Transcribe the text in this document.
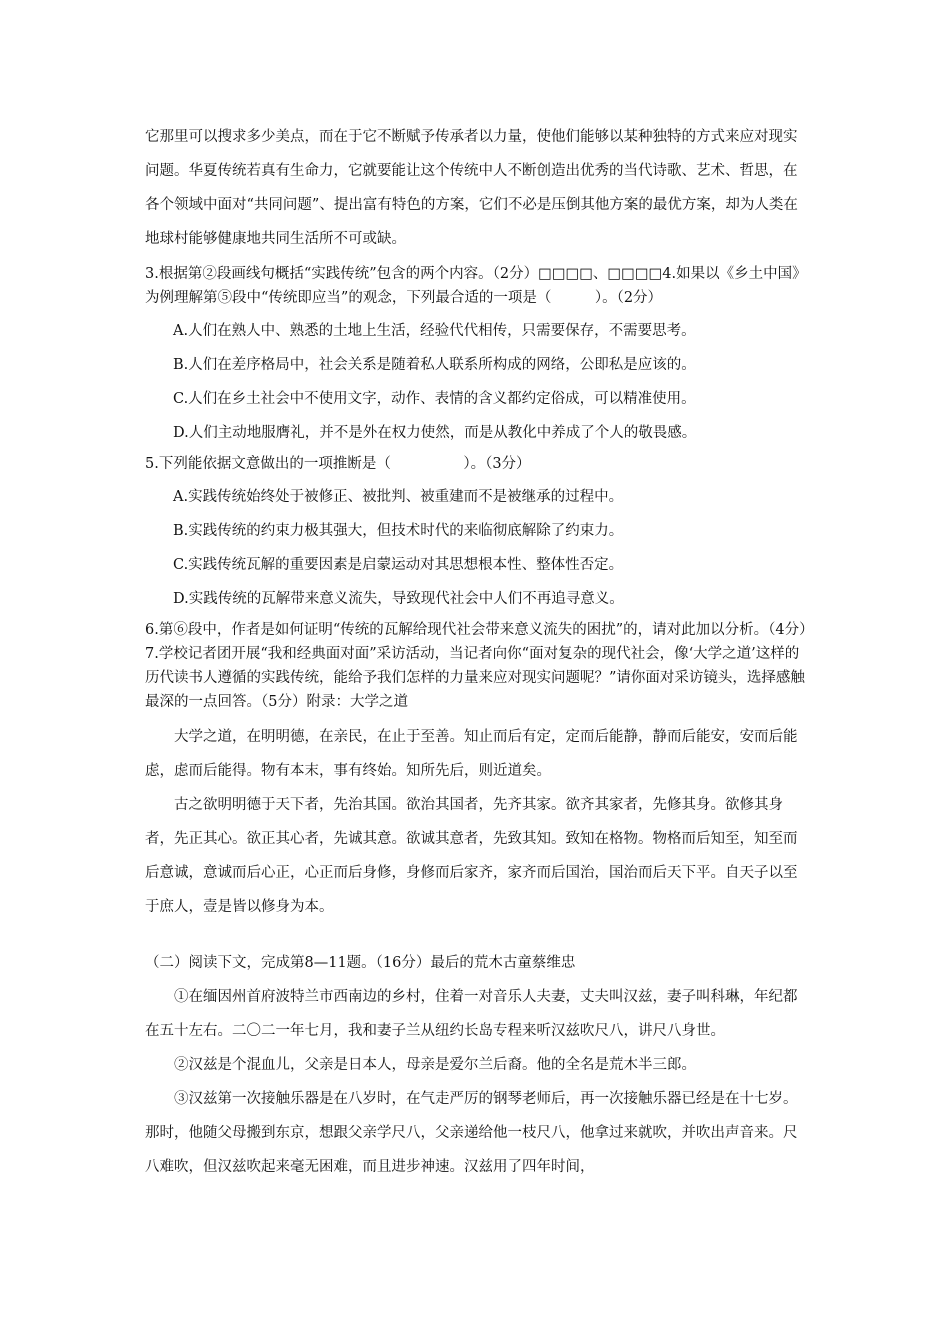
它那里可以搜求多少美点，而在于它不断赋予传承者以力量，使他们能够以某种独特的方式来应对现实问题。华夏传统若真有生命力，它就要能让这个传统中人不断创造出优秀的当代诗歌、艺术、哲思，在各个领域中面对“共同问题”、提出富有特色的方案，它们不必是压倒其他方案的最优方案，却为人类在地球村能够健康地共同生活所不可或缺。

3.根据第②段画线句概括“实践传统”包含的两个内容。（2分）□□□□、□□□□4.如果以《乡土中国》为例理解第⑤段中“传统即应当”的观念，下列最合适的一项是（　　　）。（2分）

A.人们在熟人中、熟悉的土地上生活，经验代代相传，只需要保存，不需要思考。

B.人们在差序格局中，社会关系是随着私人联系所构成的网络，公即私是应该的。

C.人们在乡土社会中不使用文字，动作、表情的含义都约定俗成，可以精准使用。

D.人们主动地服膺礼，并不是外在权力使然，而是从教化中养成了个人的敬畏感。

5.下列能依据文意做出的一项推断是（　　　　　）。（3分）

A.实践传统始终处于被修正、被批判、被重建而不是被继承的过程中。

B.实践传统的约束力极其强大，但技术时代的来临彻底解除了约束力。

C.实践传统瓦解的重要因素是启蒙运动对其思想根本性、整体性否定。

D.实践传统的瓦解带来意义流失，导致现代社会中人们不再追寻意义。

6.第⑥段中，作者是如何证明“传统的瓦解给现代社会带来意义流失的困扰”的，请对此加以分析。（4分）7.学校记者团开展“我和经典面对面”采访活动，当记者向你“面对复杂的现代社会，像‘大学之道’这样的历代读书人遵循的实践传统，能给予我们怎样的力量来应对现实问题呢？”请你面对采访镜头，选择感触最深的一点回答。（5分）附录：大学之道

大学之道，在明明德，在亲民，在止于至善。知止而后有定，定而后能静，静而后能安，安而后能虑，虑而后能得。物有本末，事有终始。知所先后，则近道矣。

古之欲明明德于天下者，先治其国。欲治其国者，先齐其家。欲齐其家者，先修其身。欲修其身者，先正其心。欲正其心者，先诚其意。欲诚其意者，先致其知。致知在格物。物格而后知至，知至而后意诚，意诚而后心正，心正而后身修，身修而后家齐，家齐而后国治，国治而后天下平。自天子以至于庶人，壹是皆以修身为本。

（二）阅读下文，完成第8—11题。（16分）最后的荒木古童蔡维忠

①在缅因州首府波特兰市西南边的乡村，住着一对音乐人夫妻，丈夫叫汉兹，妻子叫科琳，年纪都在五十左右。二〇二一年七月，我和妻子兰从纽约长岛专程来听汉兹吹尺八，讲尺八身世。

②汉兹是个混血儿，父亲是日本人，母亲是爱尔兰后裔。他的全名是荒木半三郎。

③汉兹第一次接触乐器是在八岁时，在气走严厉的钢琴老师后，再一次接触乐器已经是在十七岁。那时，他随父母搬到东京，想跟父亲学尺八，父亲递给他一枝尺八，他拿过来就吹，并吹出声音来。尺八难吹，但汉兹吹起来毫无困难，而且进步神速。汉兹用了四年时间，
